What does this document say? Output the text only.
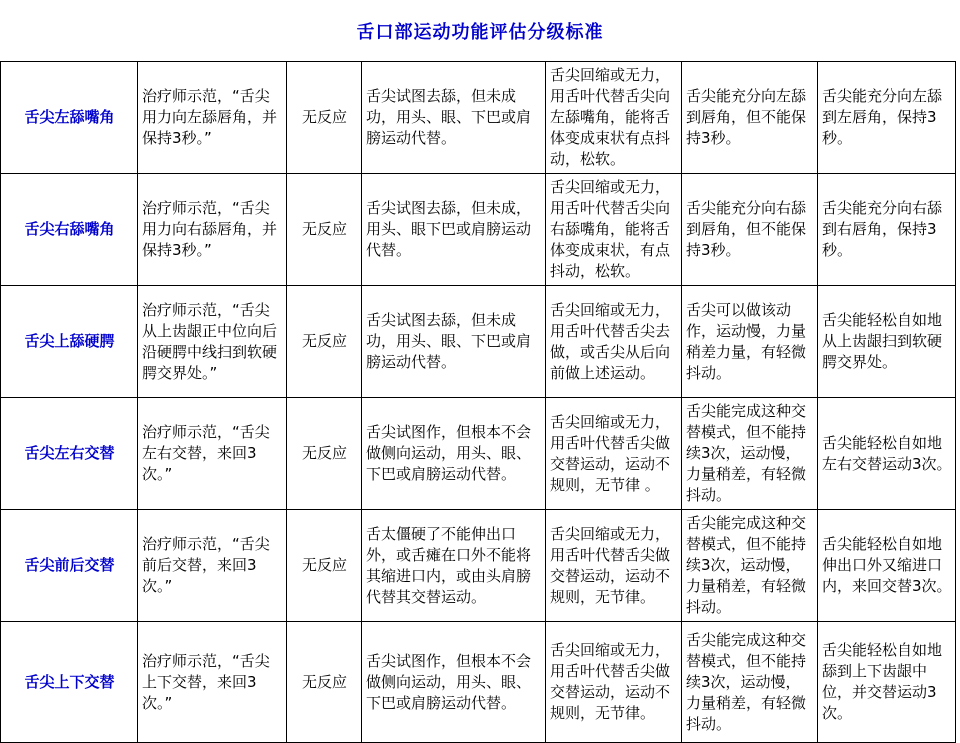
舌口部运动功能评估分级标准
舌尖左舔嘴角	治疗师示范，“舌尖用力向左舔唇角，并保持3秒。”	无反应	舌尖试图去舔，但未成功，用头、眼、下巴或肩膀运动代替。	舌尖回缩或无力，用舌叶代替舌尖向左舔嘴角，能将舌体变成束状有点抖动，松软。	舌尖能充分向左舔到唇角，但不能保持3秒。	舌尖能充分向左舔到左唇角，保持3秒。
舌尖右舔嘴角	治疗师示范，“舌尖用力向右舔唇角，并保持3秒。”	无反应	舌尖试图去舔，但未成，用头、眼下巴或肩膀运动代替。	舌尖回缩或无力，用舌叶代替舌尖向右舔嘴角，能将舌体变成束状，有点抖动，松软。	舌尖能充分向右舔到唇角，但不能保持3秒。	舌尖能充分向右舔到右唇角，保持3秒。
舌尖上舔硬腭	治疗师示范，“舌尖从上齿龈正中位向后沿硬腭中线扫到软硬腭交界处。”	无反应	舌尖试图去舔，但未成功，用头、眼、下巴或肩膀运动代替。	舌尖回缩或无力，用舌叶代替舌尖去做，或舌尖从后向前做上述运动。	舌尖可以做该动作，运动慢，力量稍差力量，有轻微抖动。	舌尖能轻松自如地从上齿龈扫到软硬腭交界处。
舌尖左右交替	治疗师示范，“舌尖左右交替，来回3次。”	无反应	舌尖试图作，但根本不会做侧向运动，用头、眼、下巴或肩膀运动代替。	舌尖回缩或无力，用舌叶代替舌尖做交替运动，运动不规则，无节律 。	舌尖能完成这种交替模式，但不能持续3次，运动慢，力量稍差，有轻微抖动。	舌尖能轻松自如地左右交替运动3次。
舌尖前后交替	治疗师示范，“舌尖前后交替，来回3次。”	无反应	舌太僵硬了不能伸出口外，或舌瘫在口外不能将其缩进口内，或由头肩膀代替其交替运动。	舌尖回缩或无力，用舌叶代替舌尖做交替运动，运动不规则，无节律。	舌尖能完成这种交替模式，但不能持续3次，运动慢，力量稍差，有轻微抖动。	舌尖能轻松自如地伸出口外又缩进口内，来回交替3次。
舌尖上下交替	治疗师示范，“舌尖上下交替，来回3次。”	无反应	舌尖试图作，但根本不会做侧向运动，用头、眼、下巴或肩膀运动代替。	舌尖回缩或无力，用舌叶代替舌尖做交替运动，运动不规则，无节律。	舌尖能完成这种交替模式，但不能持续3次，运动慢，力量稍差，有轻微抖动。	舌尖能轻松自如地舔到上下齿龈中位，并交替运动3次。
